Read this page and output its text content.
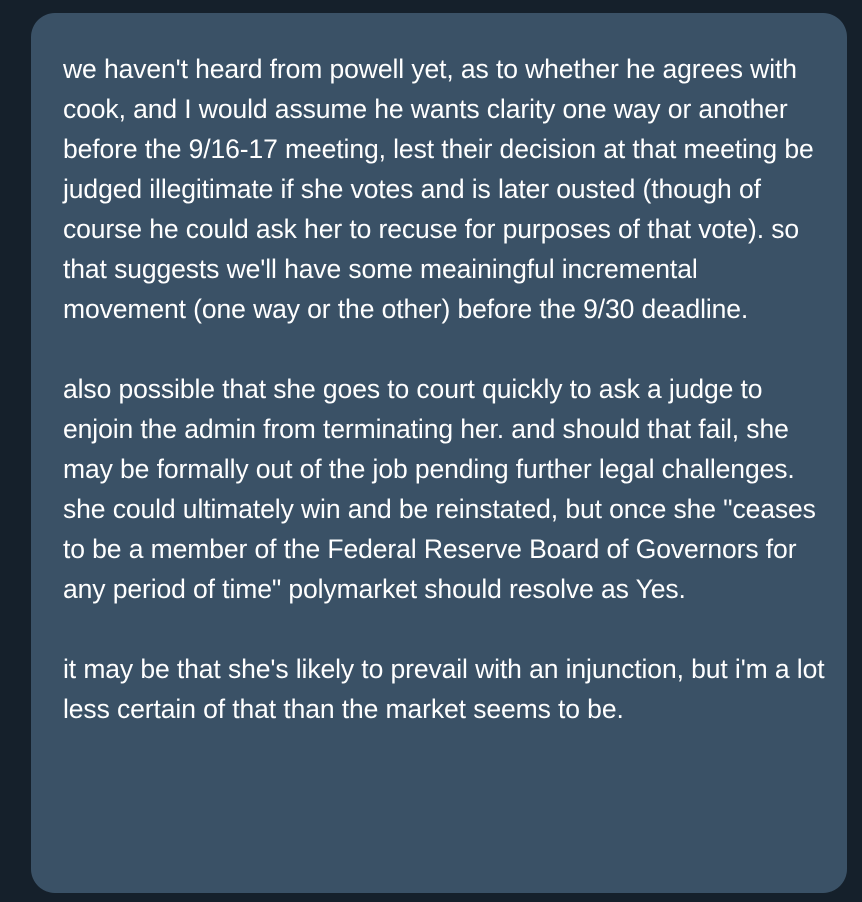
we haven't heard from powell yet, as to whether he agrees with cook, and I would assume he wants clarity one way or another before the 9/16-17 meeting, lest their decision at that meeting be judged illegitimate if she votes and is later ousted (though of course he could ask her to recuse for purposes of that vote). so that suggests we'll have some meainingful incremental movement (one way or the other) before the 9/30 deadline.

also possible that she goes to court quickly to ask a judge to enjoin the admin from terminating her. and should that fail, she may be formally out of the job pending further legal challenges. she could ultimately win and be reinstated, but once she "ceases to be a member of the Federal Reserve Board of Governors for any period of time" polymarket should resolve as Yes.

it may be that she's likely to prevail with an injunction, but i'm a lot less certain of that than the market seems to be.
